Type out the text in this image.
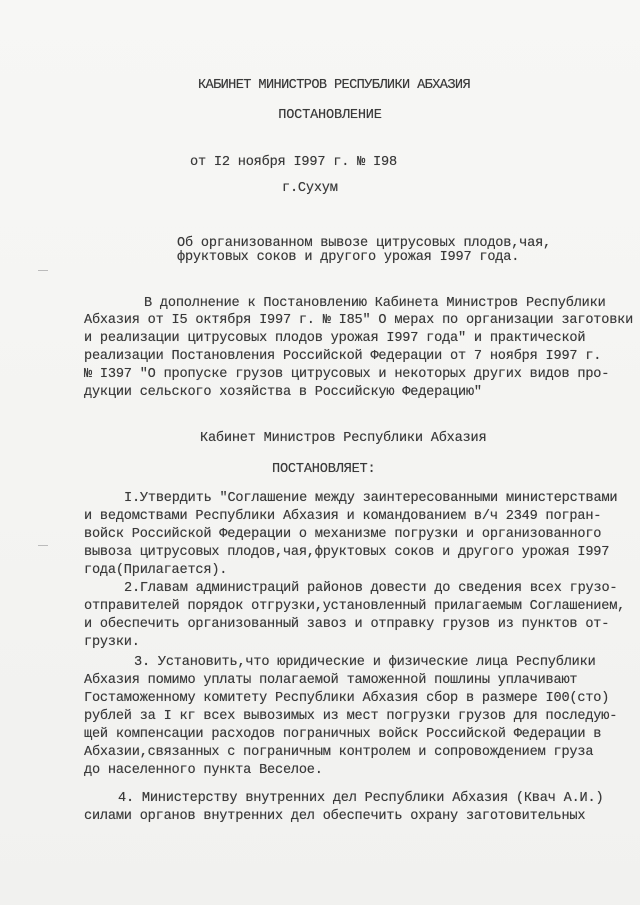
КАБИНЕТ МИНИСТРОВ РЕСПУБЛИКИ АБХАЗИЯ
ПОСТАНОВЛЕНИЕ
от I2 ноября I997 г. № I98
г.Сухум
Об организованном вывозе цитрусовых плодов,чая,
фруктовых соков и другого урожая I997 года.
В дополнение к Постановлению Кабинета Министров Республики
Абхазия от I5 октября I997 г. № I85" О мерах по организации заготовки
и реализации цитрусовых плодов урожая I997 года" и практической
реализации Постановления Российской Федерации от 7 ноября I997 г.
№ I397 "О пропуске грузов цитрусовых и некоторых других видов про-
дукции сельского хозяйства в Российскую Федерацию"
Кабинет Министров Республики Абхазия
ПОСТАНОВЛЯЕТ:
I.Утвердить "Соглашение между заинтересованными министерствами
и ведомствами Республики Абхазия и командованием в/ч 2349 погран-
войск Российской Федерации о механизме погрузки и организованного
вывоза цитрусовых плодов,чая,фруктовых соков и другого урожая I997
года(Прилагается).
2.Главам администраций районов довести до сведения всех грузо-
отправителей порядок отгрузки,установленный прилагаемым Соглашением,
и обеспечить организованный завоз и отправку грузов из пунктов от-
грузки.
3. Установить,что юридические и физические лица Республики
Абхазия помимо уплаты полагаемой таможенной пошлины уплачивают
Гостаможенному комитету Республики Абхазия сбор в размере I00(сто)
рублей за I кг всех вывозимых из мест погрузки грузов для последую-
щей компенсации расходов пограничных войск Российской Федерации в
Абхазии,связанных с пограничным контролем и сопровождением груза
до населенного пункта Веселое.
4. Министерству внутренних дел Республики Абхазия (Квач А.И.)
силами органов внутренних дел обеспечить охрану заготовительных
